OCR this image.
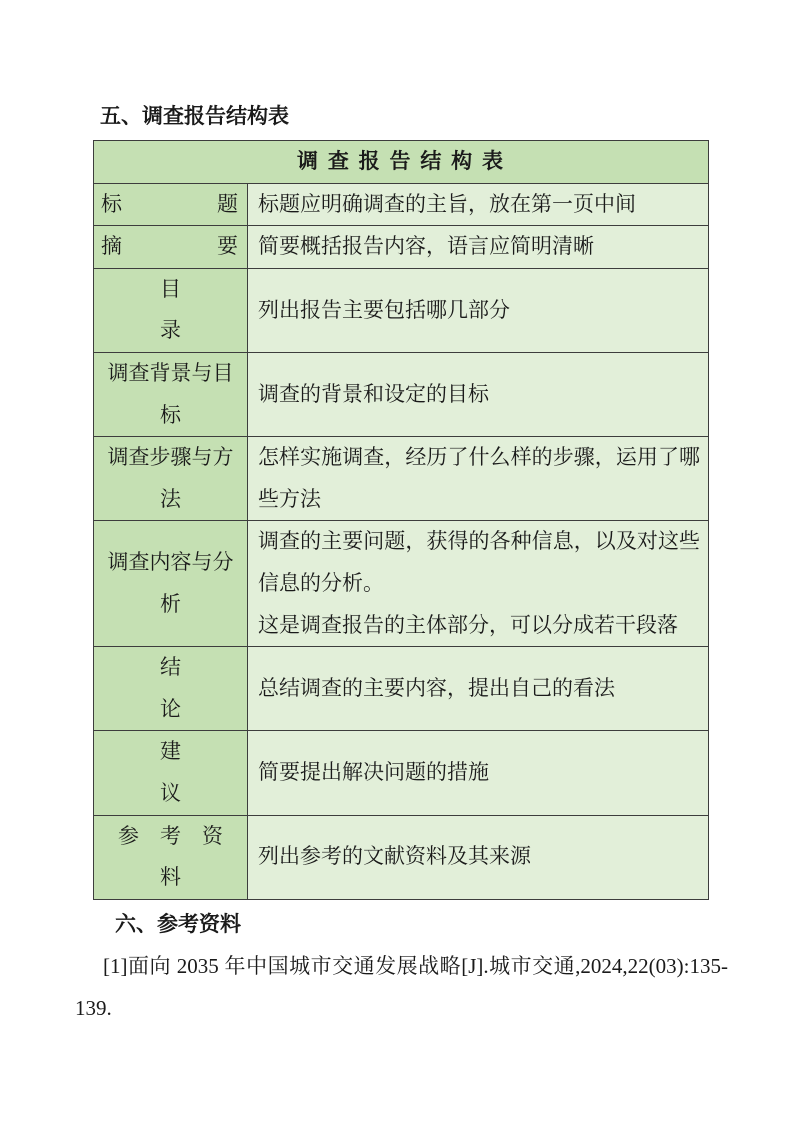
五、调查报告结构表
调 查 报 告 结 构 表	

标题	标题应明确调查的主旨，放在第一页中间

摘要	简要概括报告内容，语言应简明清晰

目录	列出报告主要包括哪几部分

调查背景与目标	调查的背景和设定的目标

调查步骤与方法	怎样实施调查，经历了什么样的步骤，运用了哪些方法

调查内容与分析	调查的主要问题，获得的各种信息，以及对这些信息的分析。

这是调查报告的主体部分，可以分成若干段落

结论	总结调查的主要内容，提出自己的看法

建议	简要提出解决问题的措施

参　考　资　料	列出参考的文献资料及其来源

六、参考资料

[1]面向 2035 年中国城市交通发展战略[J].城市交通,2024,22(03):135-139.
